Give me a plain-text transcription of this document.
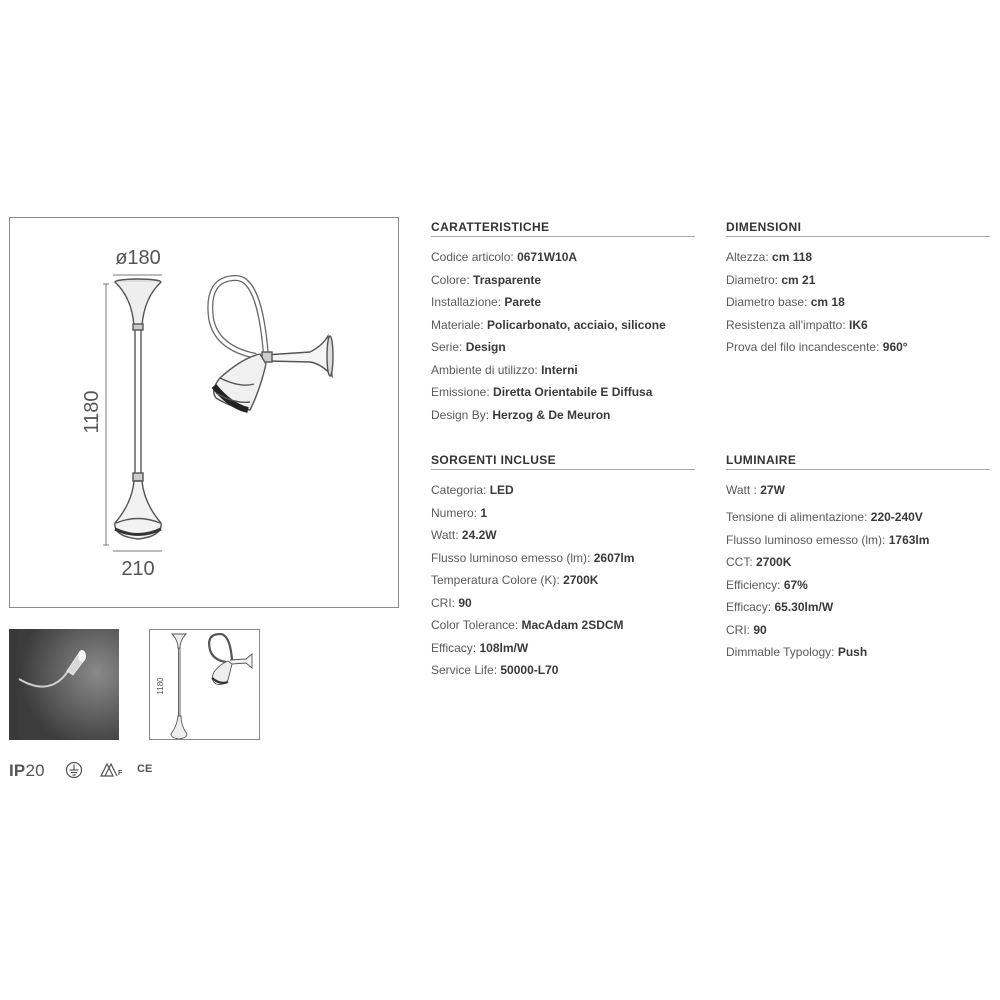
ø180
1180
210
1180
IP20	F CE
CARATTERISTICHE
Codice articolo: 0671W10A
Colore: Trasparente
Installazione: Parete
Materiale: Policarbonato, acciaio, silicone
Serie: Design
Ambiente di utilizzo: Interni
Emissione: Diretta Orientabile E Diffusa
Design By: Herzog & De Meuron
DIMENSIONI
Altezza: cm 118
Diametro: cm 21
Diametro base: cm 18
Resistenza all'impatto: IK6
Prova del filo incandescente: 960°
SORGENTI INCLUSE
Categoria: LED
Numero: 1
Watt: 24.2W
Flusso luminoso emesso (lm): 2607lm
Temperatura Colore (K): 2700K
CRI: 90
Color Tolerance: MacAdam 2SDCM
Efficacy: 108lm/W
Service Life: 50000-L70
LUMINAIRE
Watt : 27W
Tensione di alimentazione: 220-240V
Flusso luminoso emesso (lm): 1763lm
CCT: 2700K
Efficiency: 67%
Efficacy: 65.30lm/W
CRI: 90
Dimmable Typology: Push
